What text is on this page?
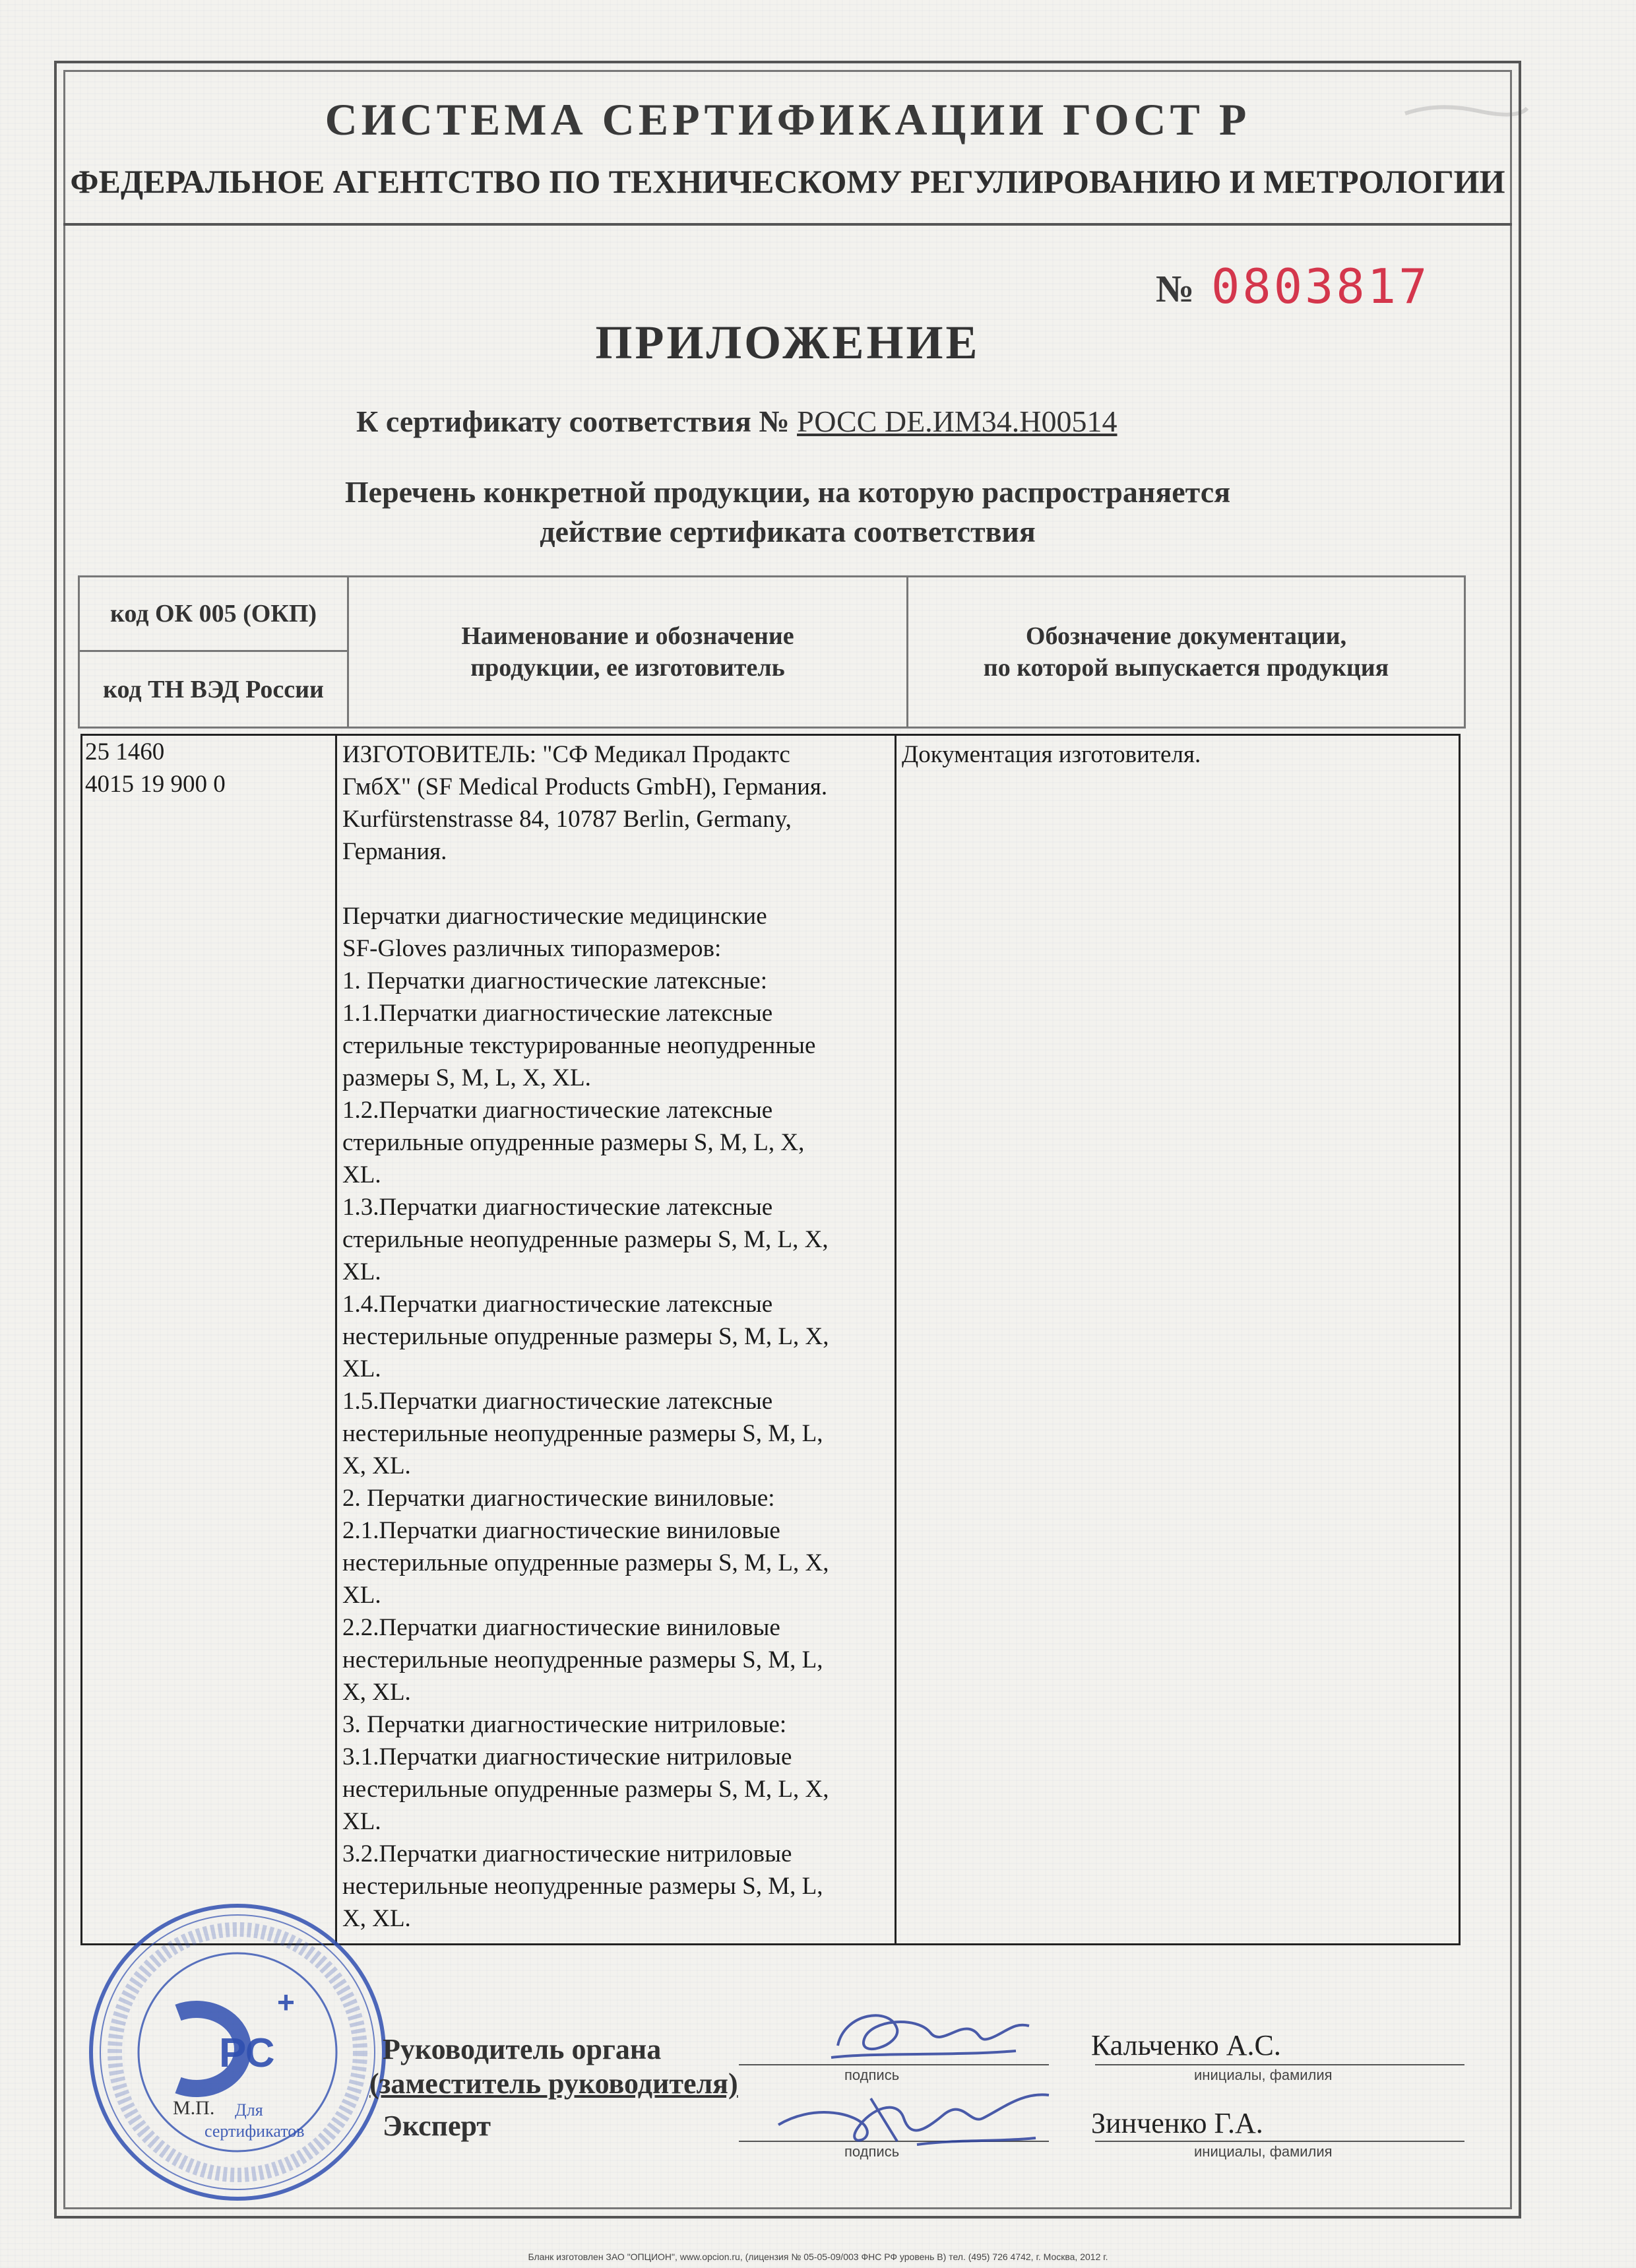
СИСТЕМА СЕРТИФИКАЦИИ ГОСТ Р
ФЕДЕРАЛЬНОЕ АГЕНТСТВО ПО ТЕХНИЧЕСКОМУ РЕГУЛИРОВАНИЮ И МЕТРОЛОГИИ
№ 0803817
ПРИЛОЖЕНИЕ
К сертификату соответствия № РОСС DE.ИМ34.Н00514
Перечень конкретной продукции, на которую распространяется
действие сертификата соответствия
код ОК 005 (ОКП)
код ТН ВЭД России
Наименование и обозначение
продукции, ее изготовитель
Обозначение документации,
по которой выпускается продукция
25 1460
4015 19 900 0
ИЗГОТОВИТЕЛЬ: "СФ Медикал Продактс
ГмбХ" (SF Medical Products GmbH), Германия.
Kurfürstenstrasse 84, 10787 Berlin, Germany,
Германия.
Перчатки диагностические медицинские
SF-Gloves различных типоразмеров:
1. Перчатки диагностические латексные:
1.1.Перчатки диагностические латексные
стерильные текстурированные неопудренные
размеры S, M, L, X, XL.
1.2.Перчатки диагностические латексные
стерильные опудренные размеры S, M, L, X,
XL.
1.3.Перчатки диагностические латексные
стерильные неопудренные размеры S, M, L, X,
XL.
1.4.Перчатки диагностические латексные
нестерильные опудренные размеры S, M, L, X,
XL.
1.5.Перчатки диагностические латексные
нестерильные неопудренные размеры S, M, L,
X, XL.
2. Перчатки диагностические виниловые:
2.1.Перчатки диагностические виниловые
нестерильные опудренные размеры S, M, L, X,
XL.
2.2.Перчатки диагностические виниловые
нестерильные неопудренные размеры S, M, L,
X, XL.
3. Перчатки диагностические нитриловые:
3.1.Перчатки диагностические нитриловые
нестерильные опудренные размеры S, M, L, X,
XL.
3.2.Перчатки диагностические нитриловые
нестерильные неопудренные размеры S, M, L,
X, XL.
Документация изготовителя.
РС
+
Для
сертификатов
М.П.
Руководитель органа
(заместитель руководителя)
Эксперт
подпись	инициалы, фамилия
подпись	инициалы, фамилия
Кальченко А.С.
Зинченко Г.А.
Бланк изготовлен ЗАО "ОПЦИОН", www.opcion.ru, (лицензия № 05-05-09/003 ФНС РФ уровень В) тел. (495) 726 4742, г. Москва, 2012 г.
